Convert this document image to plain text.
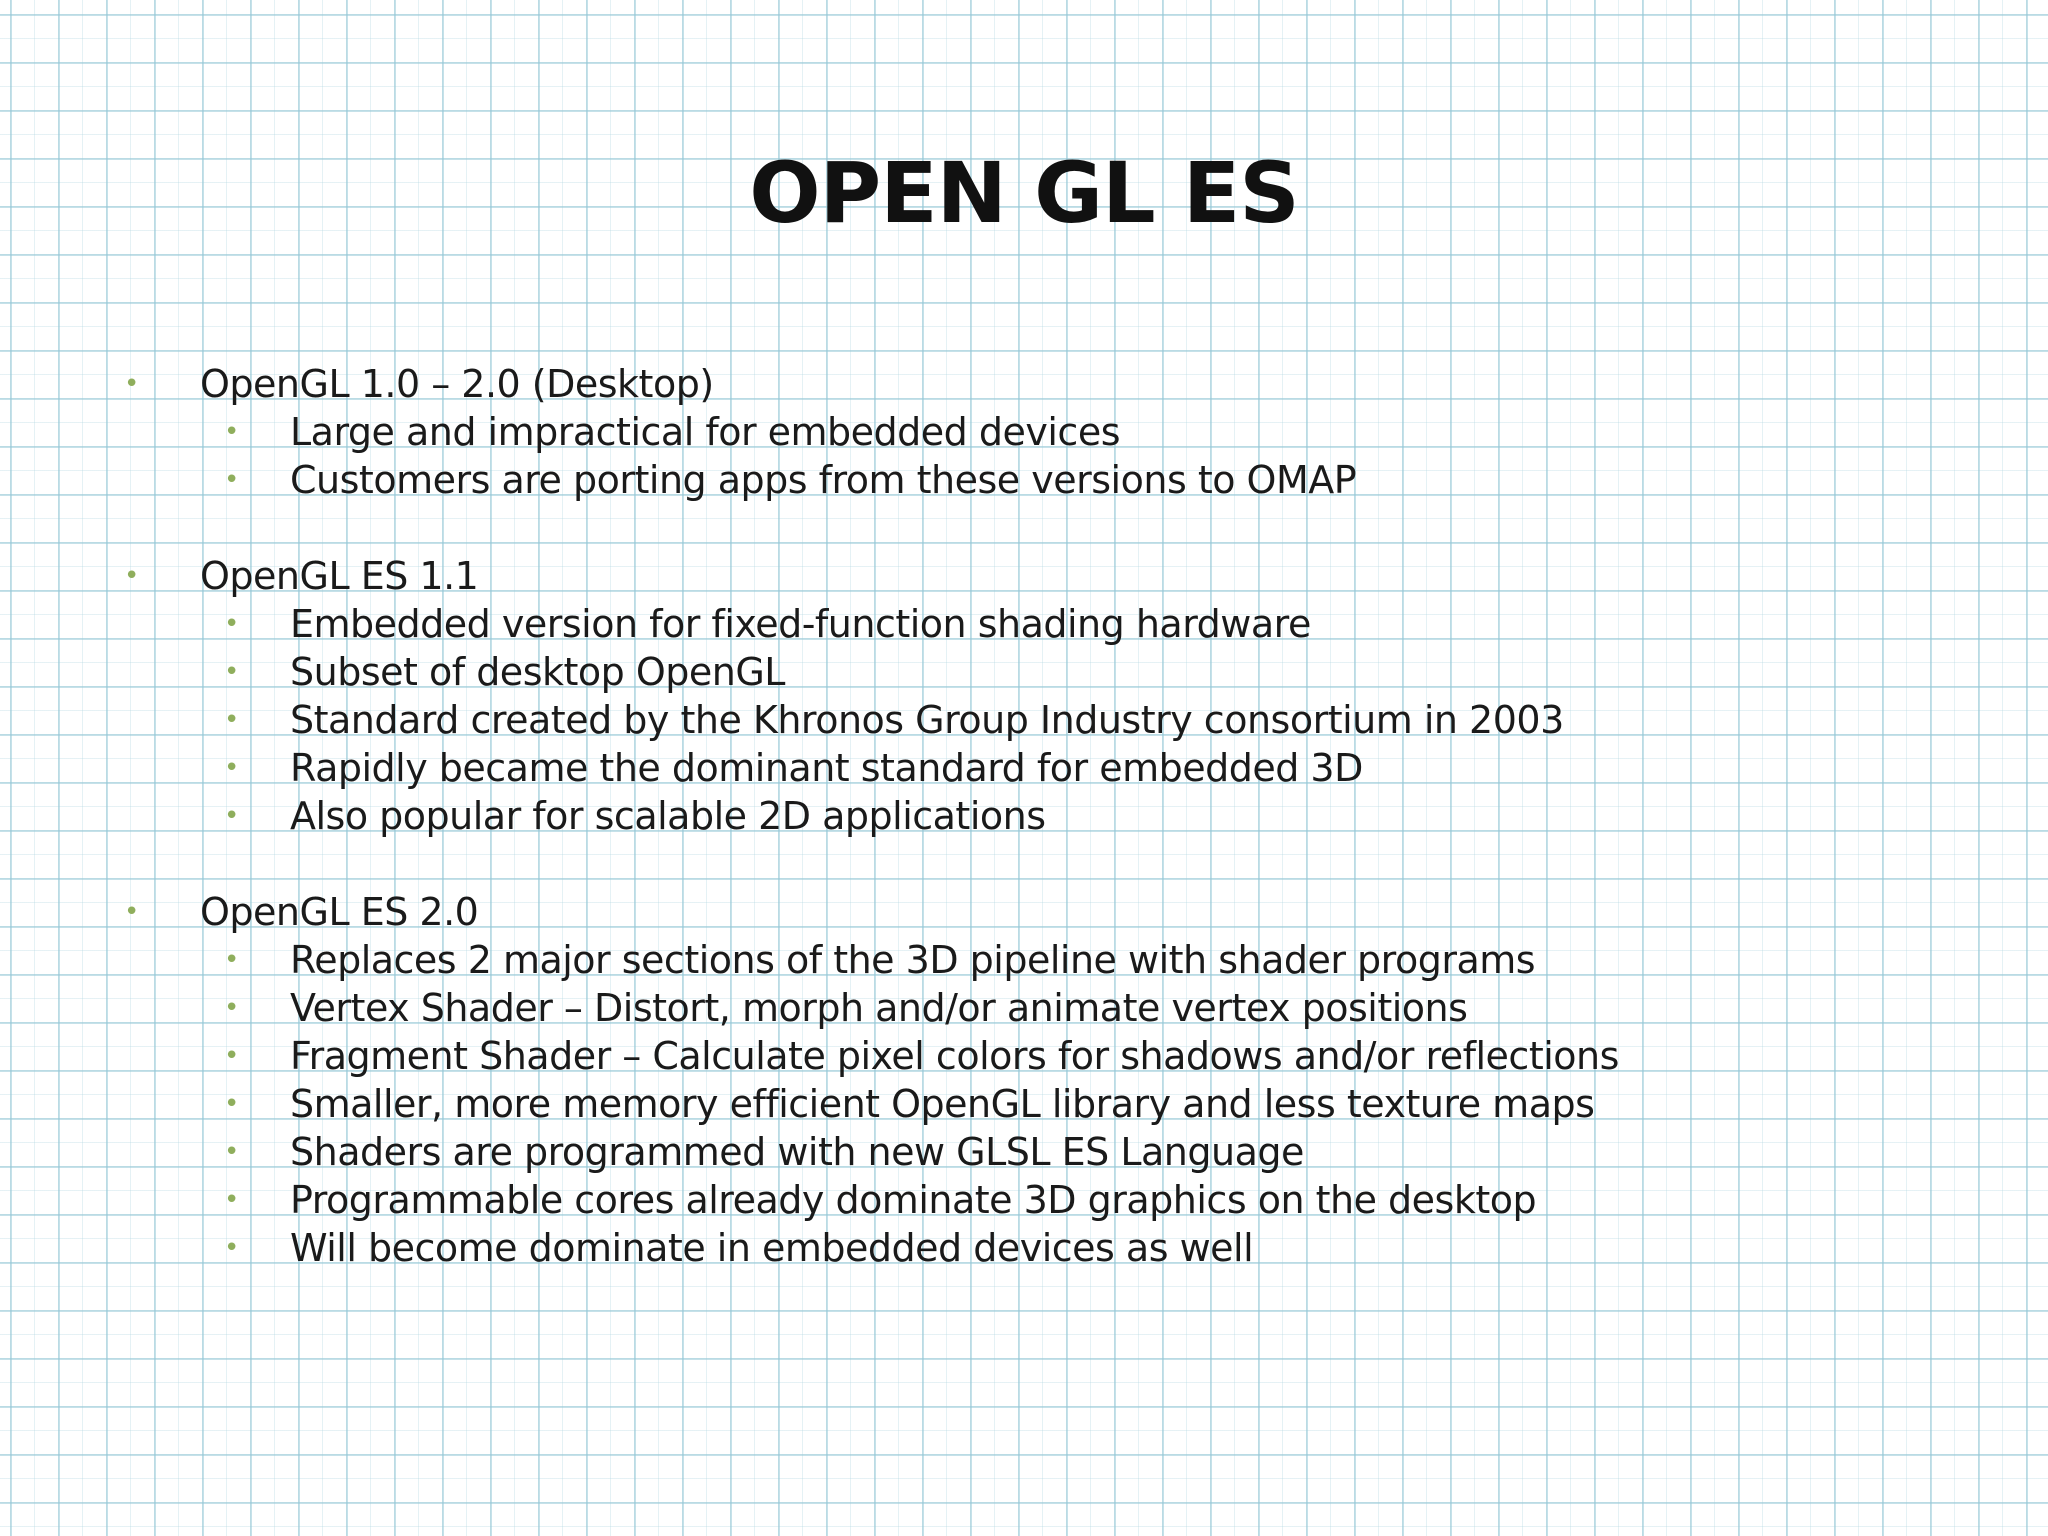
OPEN GL ES
• OpenGL 1.0 – 2.0 (Desktop)
• Large and impractical for embedded devices
• Customers are porting apps from these versions to OMAP
• OpenGL ES 1.1
• Embedded version for fixed-function shading hardware
• Subset of desktop OpenGL
• Standard created by the Khronos Group Industry consortium in 2003
• Rapidly became the dominant standard for embedded 3D
• Also popular for scalable 2D applications
• OpenGL ES 2.0
• Replaces 2 major sections of the 3D pipeline with shader programs
• Vertex Shader – Distort, morph and/or animate vertex positions
• Fragment Shader – Calculate pixel colors for shadows and/or reflections
• Smaller, more memory efficient OpenGL library and less texture maps
• Shaders are programmed with new GLSL ES Language
• Programmable cores already dominate 3D graphics on the desktop
• Will become dominate in embedded devices as well
